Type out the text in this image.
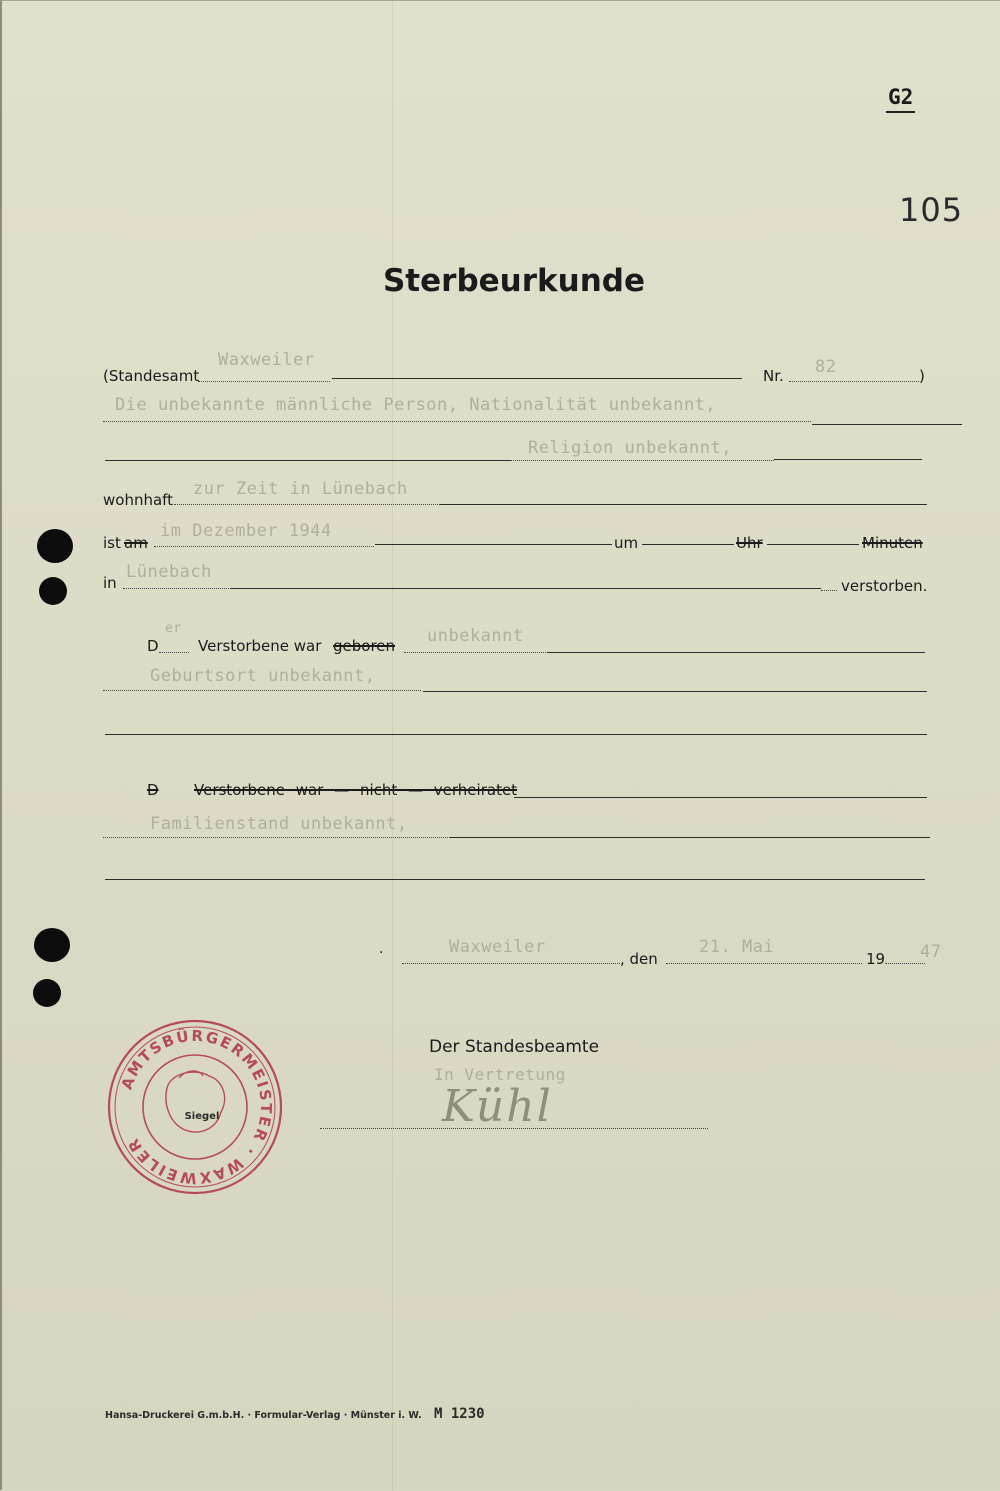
G2
105
Sterbeurkunde
(Standesamt
Waxweiler
Nr. 82	)
Die unbekannte männliche Person, Nationalität unbekannt,
Religion unbekannt,
wohnhaft
zur Zeit in Lünebach
ist am
im Dezember 1944
um	Uhr	Minuten
in
Lünebach
verstorben.
D
er
Verstorbene war geboren unbekannt
Geburtsort unbekannt,
D Verstorbene war — nicht — verheiratet
Familienstand unbekannt,
·	Waxweiler
, den
21. Mai
19 47
Der Standesbeamte
In Vertretung
Kühl
AMTSBÜRGERMEISTER · WAXWEILER
Siegel
Hansa-Druckerei G.m.b.H. · Formular-Verlag · Münster i. W. M 1230
